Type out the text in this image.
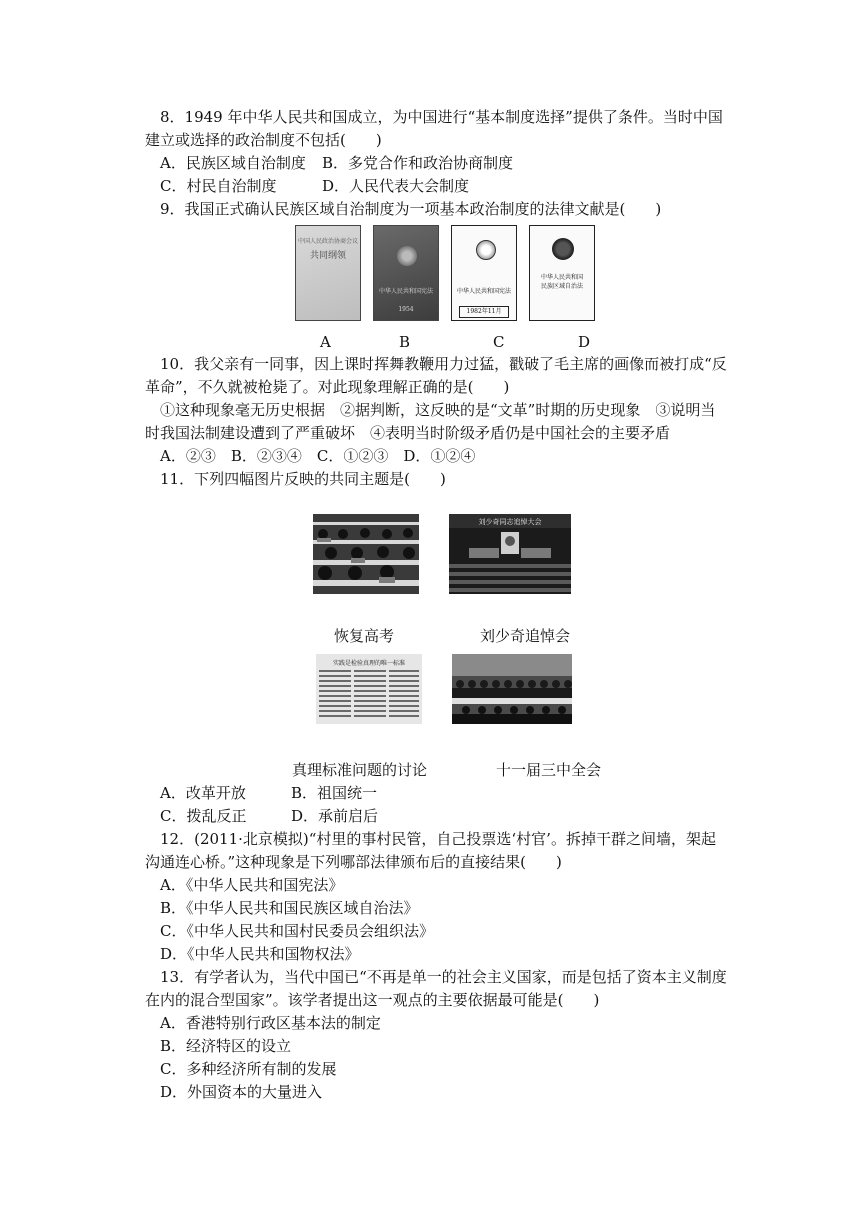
8．1949 年中华人民共和国成立，为中国进行“基本制度选择”提供了条件。当时中国
建立或选择的政治制度不包括(　　)
A．民族区域自治制度 B．多党合作和政治协商制度
C．村民自治制度	D．人民代表大会制度
9．我国正式确认民族区域自治制度为一项基本政治制度的法律文献是(　　)
中国人民政治协商会议
共同纲领
中华人民共和国宪法
1954
中华人民共和国宪法
1982年11月
中华人民共和国
民族区域自治法
A	B	C	D
10．我父亲有一同事，因上课时挥舞教鞭用力过猛，戳破了毛主席的画像而被打成“反
革命”，不久就被枪毙了。对此现象理解正确的是(　　)
①这种现象毫无历史根据　②据判断，这反映的是“文革”时期的历史现象　③说明当
时我国法制建设遭到了严重破坏　④表明当时阶级矛盾仍是中国社会的主要矛盾
A．②③　B．②③④　C．①②③　D．①②④
11．下列四幅图片反映的共同主题是(　　)
刘少奇同志追悼大会
恢复高考	刘少奇追悼会
实践是检验真理的唯一标准
真理标准问题的讨论	十一届三中全会
A．改革开放	B．祖国统一
C．拨乱反正	D．承前启后
12．(2011·北京模拟)“村里的事村民管，自己投票选‘村官’。拆掉干群之间墙，架起
沟通连心桥。”这种现象是下列哪部法律颁布后的直接结果(　　)
A．《中华人民共和国宪法》
B．《中华人民共和国民族区域自治法》
C．《中华人民共和国村民委员会组织法》
D．《中华人民共和国物权法》
13．有学者认为，当代中国已“不再是单一的社会主义国家，而是包括了资本主义制度
在内的混合型国家”。该学者提出这一观点的主要依据最可能是(　　)
A．香港特别行政区基本法的制定
B．经济特区的设立
C．多种经济所有制的发展
D．外国资本的大量进入
